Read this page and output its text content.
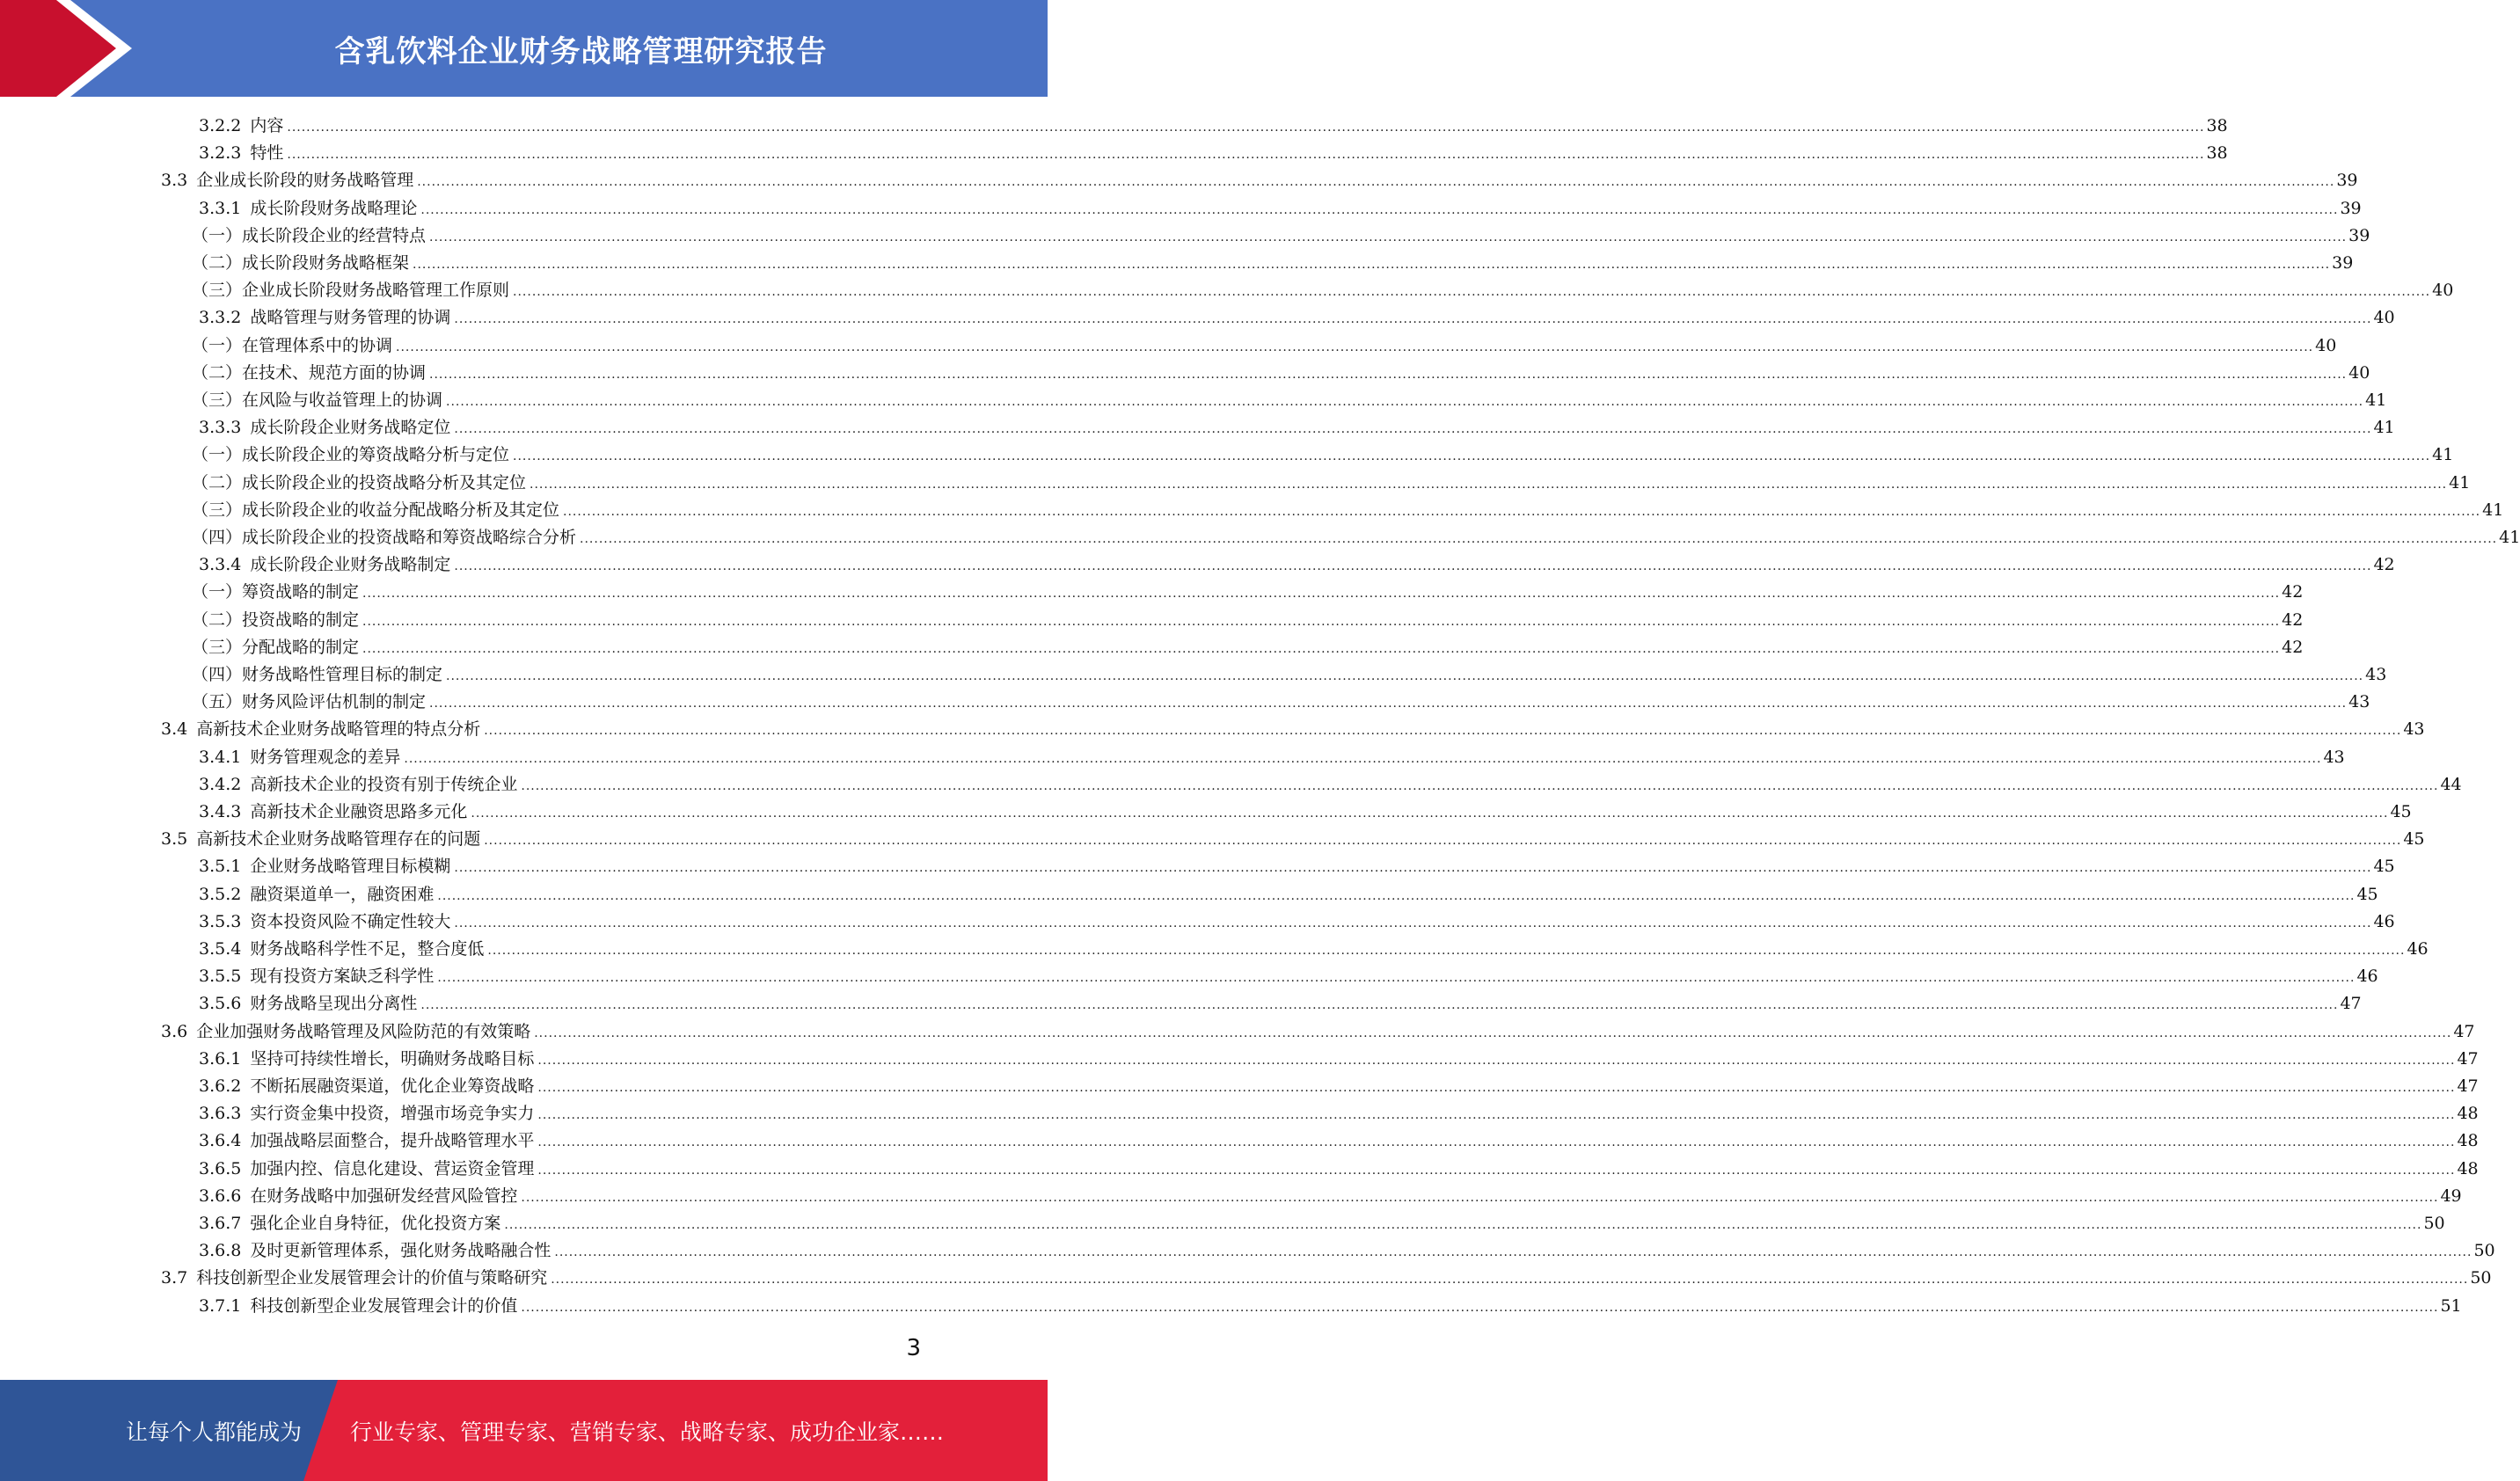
含乳饮料企业财务战略管理研究报告
3.2.2 内容 ................................................................................................................................................................................................................................................................................................................................................................................................................ 38
3.2.3 特性 ................................................................................................................................................................................................................................................................................................................................................................................................................ 38
3.3 企业成长阶段的财务战略管理 ................................................................................................................................................................................................................................................................................................................................................................................................................ 39
3.3.1 成长阶段财务战略理论 ................................................................................................................................................................................................................................................................................................................................................................................................................ 39
（一）成长阶段企业的经营特点 ................................................................................................................................................................................................................................................................................................................................................................................................................ 39
（二）成长阶段财务战略框架 ................................................................................................................................................................................................................................................................................................................................................................................................................ 39
（三）企业成长阶段财务战略管理工作原则 ................................................................................................................................................................................................................................................................................................................................................................................................................ 40
3.3.2 战略管理与财务管理的协调 ................................................................................................................................................................................................................................................................................................................................................................................................................ 40
（一）在管理体系中的协调 ................................................................................................................................................................................................................................................................................................................................................................................................................ 40
（二）在技术、规范方面的协调 ................................................................................................................................................................................................................................................................................................................................................................................................................ 40
（三）在风险与收益管理上的协调 ................................................................................................................................................................................................................................................................................................................................................................................................................ 41
3.3.3 成长阶段企业财务战略定位 ................................................................................................................................................................................................................................................................................................................................................................................................................ 41
（一）成长阶段企业的筹资战略分析与定位 ................................................................................................................................................................................................................................................................................................................................................................................................................ 41
（二）成长阶段企业的投资战略分析及其定位 ................................................................................................................................................................................................................................................................................................................................................................................................................ 41
（三）成长阶段企业的收益分配战略分析及其定位 ................................................................................................................................................................................................................................................................................................................................................................................................................ 41
（四）成长阶段企业的投资战略和筹资战略综合分析 ................................................................................................................................................................................................................................................................................................................................................................................................................ 41
3.3.4 成长阶段企业财务战略制定 ................................................................................................................................................................................................................................................................................................................................................................................................................ 42
（一）筹资战略的制定 ................................................................................................................................................................................................................................................................................................................................................................................................................ 42
（二）投资战略的制定 ................................................................................................................................................................................................................................................................................................................................................................................................................ 42
（三）分配战略的制定 ................................................................................................................................................................................................................................................................................................................................................................................................................ 42
（四）财务战略性管理目标的制定 ................................................................................................................................................................................................................................................................................................................................................................................................................ 43
（五）财务风险评估机制的制定 ................................................................................................................................................................................................................................................................................................................................................................................................................ 43
3.4 高新技术企业财务战略管理的特点分析 ................................................................................................................................................................................................................................................................................................................................................................................................................ 43
3.4.1 财务管理观念的差异 ................................................................................................................................................................................................................................................................................................................................................................................................................ 43
3.4.2 高新技术企业的投资有别于传统企业 ................................................................................................................................................................................................................................................................................................................................................................................................................ 44
3.4.3 高新技术企业融资思路多元化 ................................................................................................................................................................................................................................................................................................................................................................................................................ 45
3.5 高新技术企业财务战略管理存在的问题 ................................................................................................................................................................................................................................................................................................................................................................................................................ 45
3.5.1 企业财务战略管理目标模糊 ................................................................................................................................................................................................................................................................................................................................................................................................................ 45
3.5.2 融资渠道单一，融资困难 ................................................................................................................................................................................................................................................................................................................................................................................................................ 45
3.5.3 资本投资风险不确定性较大 ................................................................................................................................................................................................................................................................................................................................................................................................................ 46
3.5.4 财务战略科学性不足，整合度低 ................................................................................................................................................................................................................................................................................................................................................................................................................ 46
3.5.5 现有投资方案缺乏科学性 ................................................................................................................................................................................................................................................................................................................................................................................................................ 46
3.5.6 财务战略呈现出分离性 ................................................................................................................................................................................................................................................................................................................................................................................................................ 47
3.6 企业加强财务战略管理及风险防范的有效策略 ................................................................................................................................................................................................................................................................................................................................................................................................................ 47
3.6.1 坚持可持续性增长，明确财务战略目标 ................................................................................................................................................................................................................................................................................................................................................................................................................ 47
3.6.2 不断拓展融资渠道，优化企业筹资战略 ................................................................................................................................................................................................................................................................................................................................................................................................................ 47
3.6.3 实行资金集中投资，增强市场竞争实力 ................................................................................................................................................................................................................................................................................................................................................................................................................ 48
3.6.4 加强战略层面整合，提升战略管理水平 ................................................................................................................................................................................................................................................................................................................................................................................................................ 48
3.6.5 加强内控、信息化建设、营运资金管理 ................................................................................................................................................................................................................................................................................................................................................................................................................ 48
3.6.6 在财务战略中加强研发经营风险管控 ................................................................................................................................................................................................................................................................................................................................................................................................................ 49
3.6.7 强化企业自身特征，优化投资方案 ................................................................................................................................................................................................................................................................................................................................................................................................................ 50
3.6.8 及时更新管理体系，强化财务战略融合性 ................................................................................................................................................................................................................................................................................................................................................................................................................ 50
3.7 科技创新型企业发展管理会计的价值与策略研究 ................................................................................................................................................................................................................................................................................................................................................................................................................ 50
3.7.1 科技创新型企业发展管理会计的价值 ................................................................................................................................................................................................................................................................................................................................................................................................................ 51
3
让每个人都能成为 行业专家、管理专家、营销专家、战略专家、成功企业家……
